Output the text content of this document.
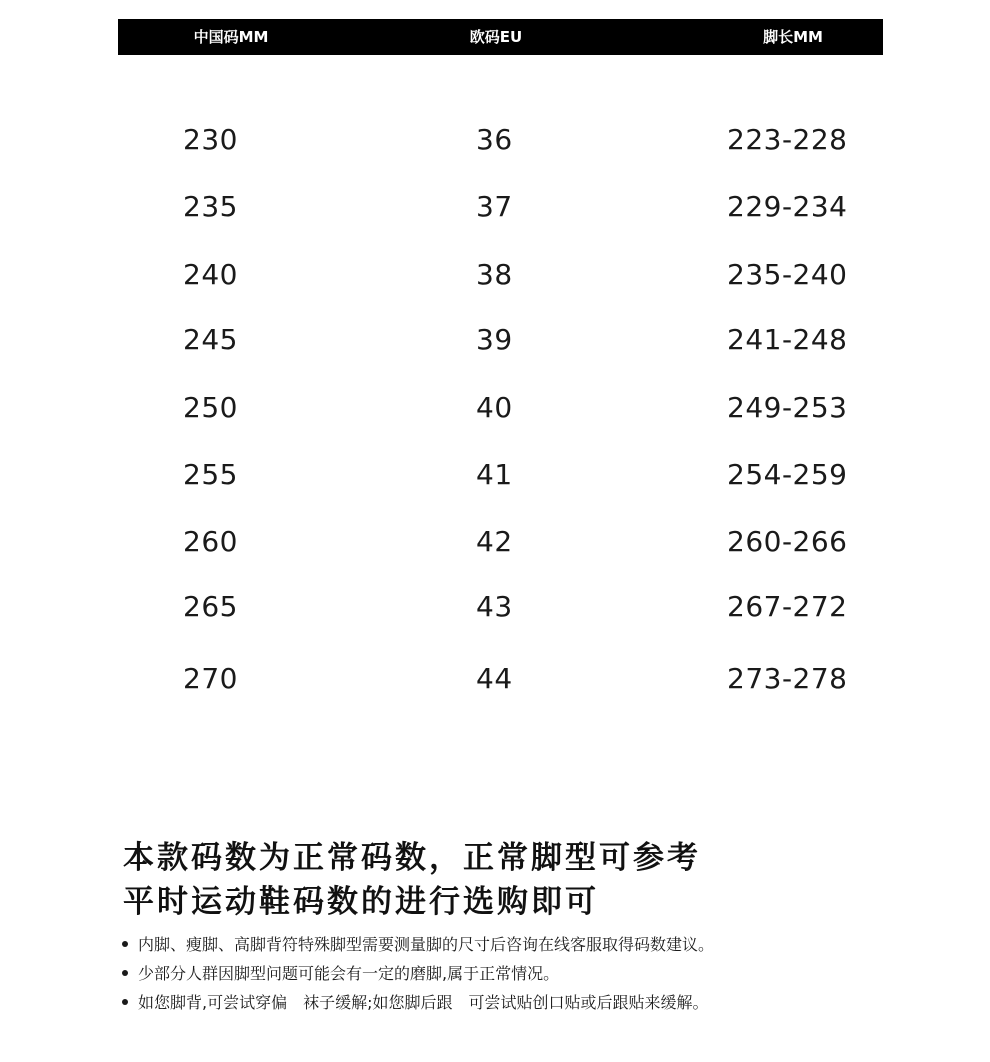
中国码MM	欧码EU	脚长MM
230	36	223-228
235	37	229-234
240	38	235-240
245	39	241-248
250	40	249-253
255	41	254-259
260	42	260-266
265	43	267-272
270	44	273-278
本款码数为正常码数，正常脚型可参考
平时运动鞋码数的进行选购即可
内脚、瘦脚、高脚背符特殊脚型需要测量脚的尺寸后咨询在线客服取得码数建议。
少部分人群因脚型问题可能会有一定的磨脚,属于正常情况。
如您脚背,可尝试穿偏　袜子缓解;如您脚后跟　可尝试贴创口贴或后跟贴来缓解。
